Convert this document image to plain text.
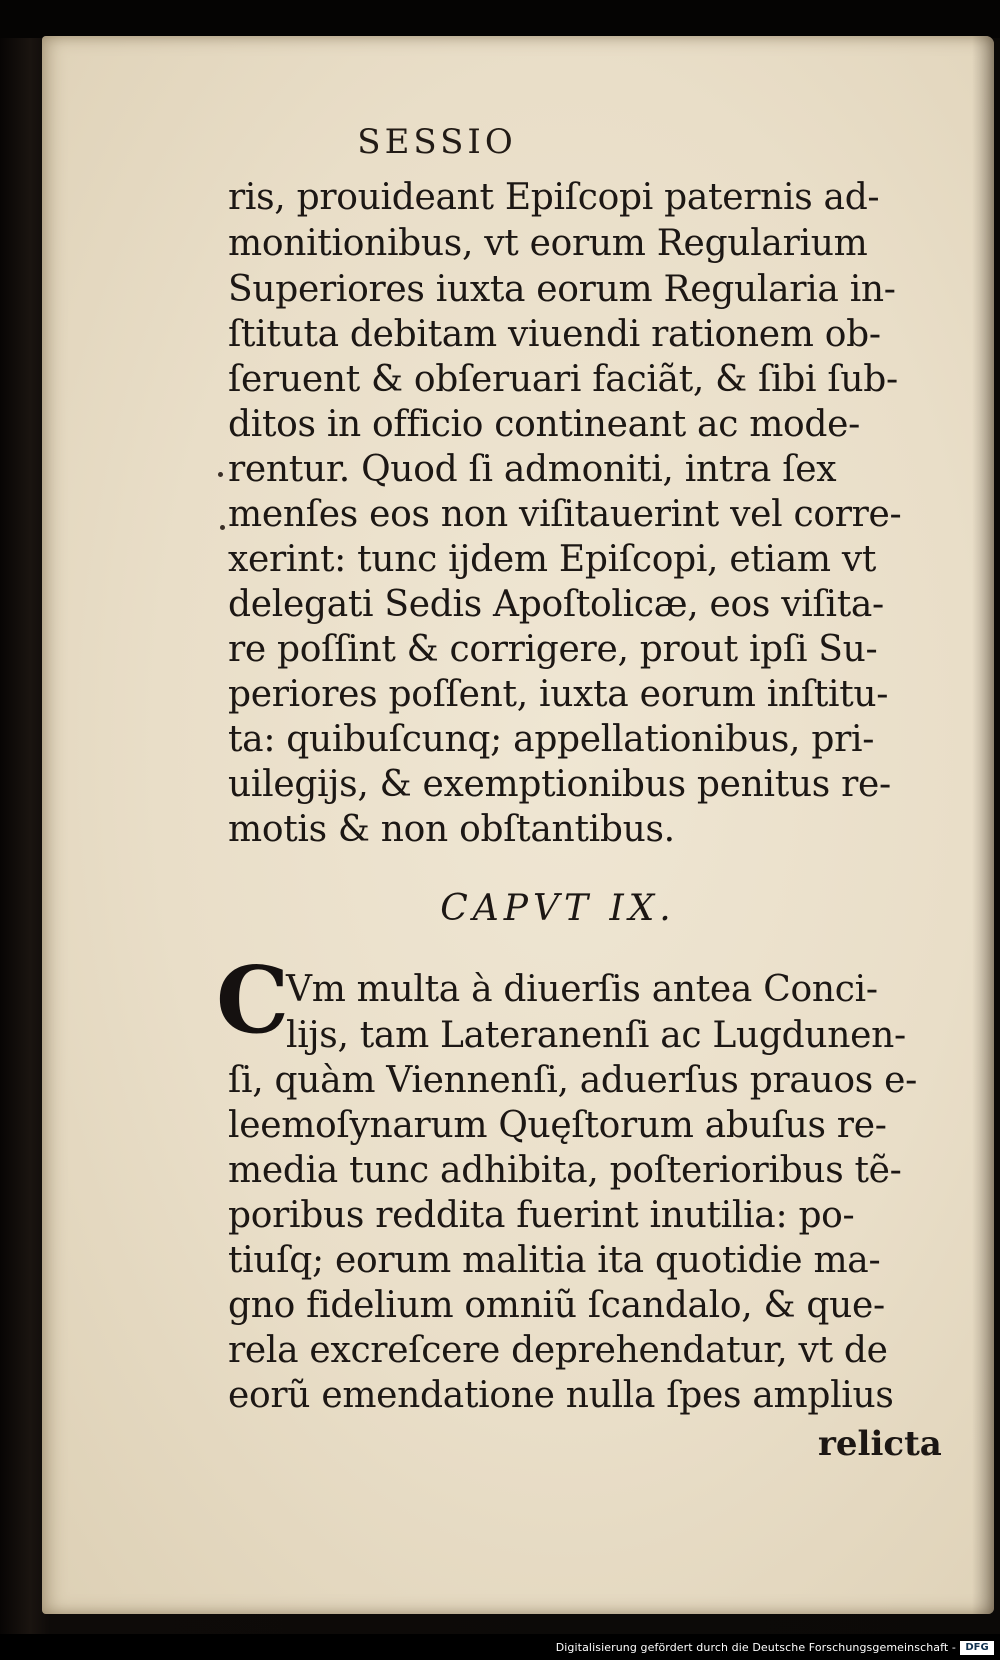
SESSIO
ris, prouideant Epiſcopi paternis ad-
monitionibus, vt eorum Regularium
Superiores iuxta eorum Regularia in-
ſtituta debitam viuendi rationem ob-
ſeruent & obſeruari faciãt, & ſibi ſub-
ditos in officio contineant ac mode-
rentur. Quod ſi admoniti, intra ſex
menſes eos non viſitauerint vel corre-
xerint: tunc ijdem Epiſcopi, etiam vt
delegati Sedis Apoſtolicæ, eos viſita-
re poſſint & corrigere, prout ipſi Su-
periores poſſent, iuxta eorum inſtitu-
ta: quibuſcunq; appellationibus, pri-
uilegijs, & exemptionibus penitus re-
motis & non obſtantibus.
CAPVT IX.
C
Vm multa à diuerſis antea Conci-
lijs, tam Lateranenſi ac Lugdunen-
ſi, quàm Viennenſi, aduerſus prauos e-
leemoſynarum Quęſtorum abuſus re-
media tunc adhibita, poſterioribus tẽ-
poribus reddita fuerint inutilia: po-
tiuſq; eorum malitia ita quotidie ma-
gno fidelium omniũ ſcandalo, & que-
rela excreſcere deprehendatur, vt de
eorũ emendatione nulla ſpes amplius
relicta
Digitalisierung gefördert durch die Deutsche Forschungsgemeinschaft - DFG
